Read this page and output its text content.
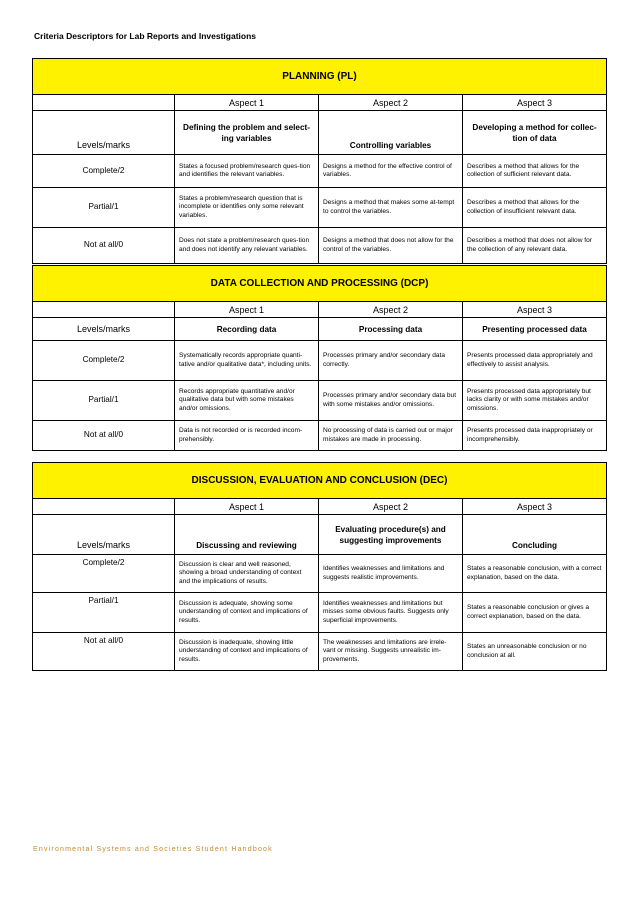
Criteria Descriptors for Lab Reports and Investigations
PLANNING (PL)			
	Aspect 1	Aspect 2	Aspect 3
Levels/marks	Defining the problem and select-ing variables	Controlling variables	Developing a method for collec-tion of data
Complete/2	States a focused problem/research ques-tion and identifies the relevant variables.	Designs a method for the effective control of variables.	Describes a method that allows for the collection of sufficient relevant data.
Partial/1	States a problem/research question that is incomplete or identifies only some relevant variables.	Designs a method that makes some at-tempt to control the variables.	Describes a method that allows for the collection of insufficient relevant data.
Not at all/0	Does not state a problem/research ques-tion and does not identify any relevant variables.	Designs a method that does not allow for the control of the variables.	Describes a method that does not allow for the collection of any relevant data.
DATA COLLECTION AND PROCESSING (DCP)			
	Aspect 1	Aspect 2	Aspect 3
Levels/marks	Recording data	Processing data	Presenting processed data
Complete/2	Systematically records appropriate quanti-tative and/or qualitative data*, including units.	Processes primary and/or secondary data correctly.	Presents processed data appropriately and effectively to assist analysis.
Partial/1	Records appropriate quantitative and/or qualitative data but with some mistakes and/or omissions.	Processes primary and/or secondary data but with some mistakes and/or omissions.	Presents processed data appropriately but lacks clarity or with some mistakes and/or omissions.
Not at all/0	Data is not recorded or is recorded incom-prehensibly.	No processing of data is carried out or major mistakes are made in processing.	Presents processed data inappropriately or incomprehensibly.
DISCUSSION, EVALUATION AND CONCLUSION (DEC)			
	Aspect 1	Aspect 2	Aspect 3
Levels/marks	Discussing and reviewing	Evaluating procedure(s) and suggesting improvements	Concluding
Complete/2	Discussion is clear and well reasoned, showing a broad understanding of context and the implications of results.	Identifies weaknesses and limitations and suggests realistic improvements.	States a reasonable conclusion, with a correct explanation, based on the data.
Partial/1	Discussion is adequate, showing some understanding of context and implications of results.	Identifies weaknesses and limitations but misses some obvious faults. Suggests only superficial improvements.	States a reasonable conclusion or gives a correct explanation, based on the data.
Not at all/0	Discussion is inadequate, showing little understanding of context and implications of results.	The weaknesses and limitations are irrele-vant or missing. Suggests unrealistic im-provements.	States an unreasonable conclusion or no conclusion at all.
Environmental Systems and Societies Student Handbook
